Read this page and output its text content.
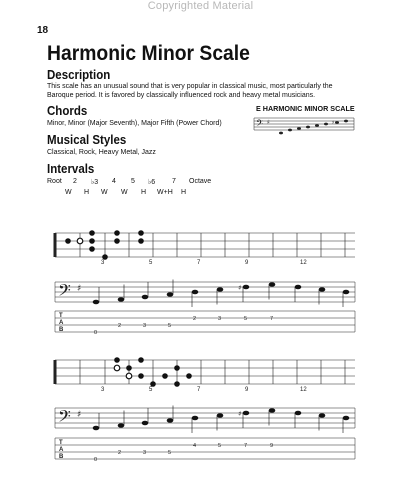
Copyrighted Material
18
Harmonic Minor Scale
Description
This scale has an unusual sound that is very popular in classical music, most particularly the
Baroque period. It is favored by classically influenced rock and heavy metal musicians.
Chords
Minor, Minor (Major Seventh), Major Fifth (Power Chord)
Musical Styles
Classical, Rock, Heavy Metal, Jazz
Intervals
Root 2 ♭3 4 5 ♭6 7 Octave
W H W W H W+H H
E HARMONIC MINOR SCALE
𝄢 ♯	♯
3	5	7	9	12
𝄢 ♯	♯
T
A
B	0
2	3	5
2	3	5	7
3	5	7	9	12
𝄢 ♯	♯
T
A
B	0
2	3	5
4	5	7	9
